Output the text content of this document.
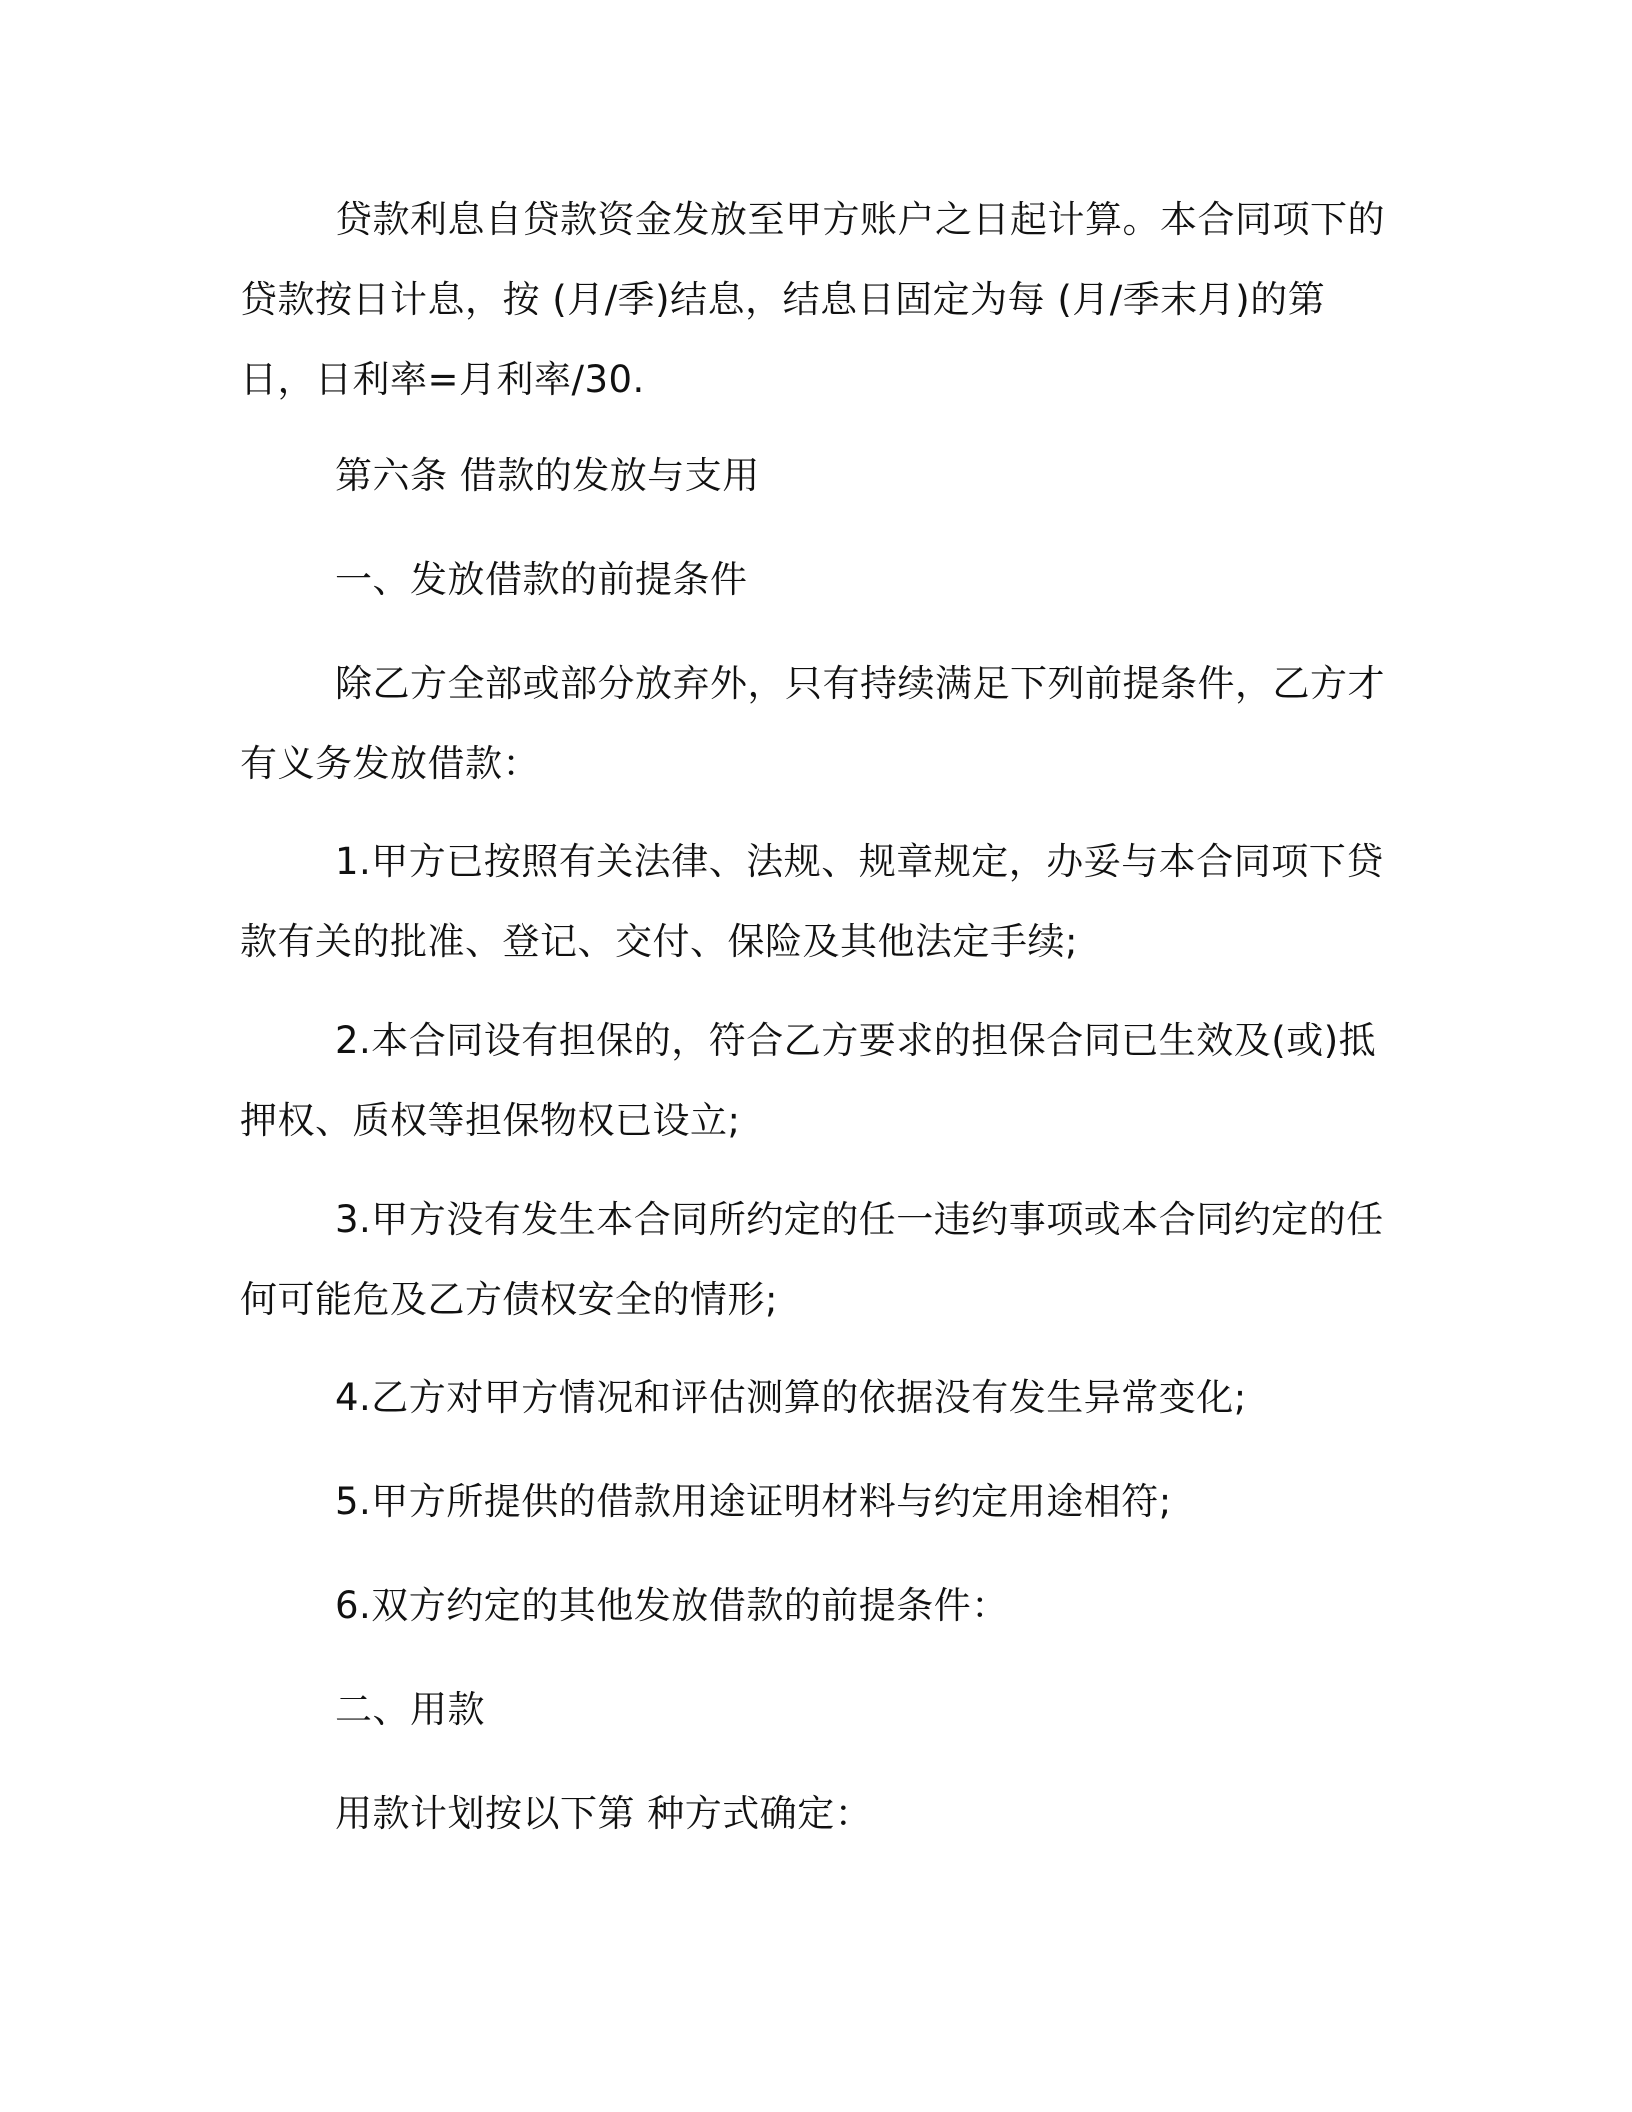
贷款利息自贷款资金发放至甲方账户之日起计算。本合同项下的贷款按日计息，按 (月/季)结息，结息日固定为每 (月/季末月)的第 日，日利率=月利率/30.

第六条 借款的发放与支用

一、发放借款的前提条件

除乙方全部或部分放弃外，只有持续满足下列前提条件，乙方才有义务发放借款：

1.甲方已按照有关法律、法规、规章规定，办妥与本合同项下贷款有关的批准、登记、交付、保险及其他法定手续;

2.本合同设有担保的，符合乙方要求的担保合同已生效及(或)抵押权、质权等担保物权已设立;

3.甲方没有发生本合同所约定的任一违约事项或本合同约定的任何可能危及乙方债权安全的情形;

4.乙方对甲方情况和评估测算的依据没有发生异常变化;

5.甲方所提供的借款用途证明材料与约定用途相符;

6.双方约定的其他发放借款的前提条件：

二、用款

用款计划按以下第 种方式确定：
